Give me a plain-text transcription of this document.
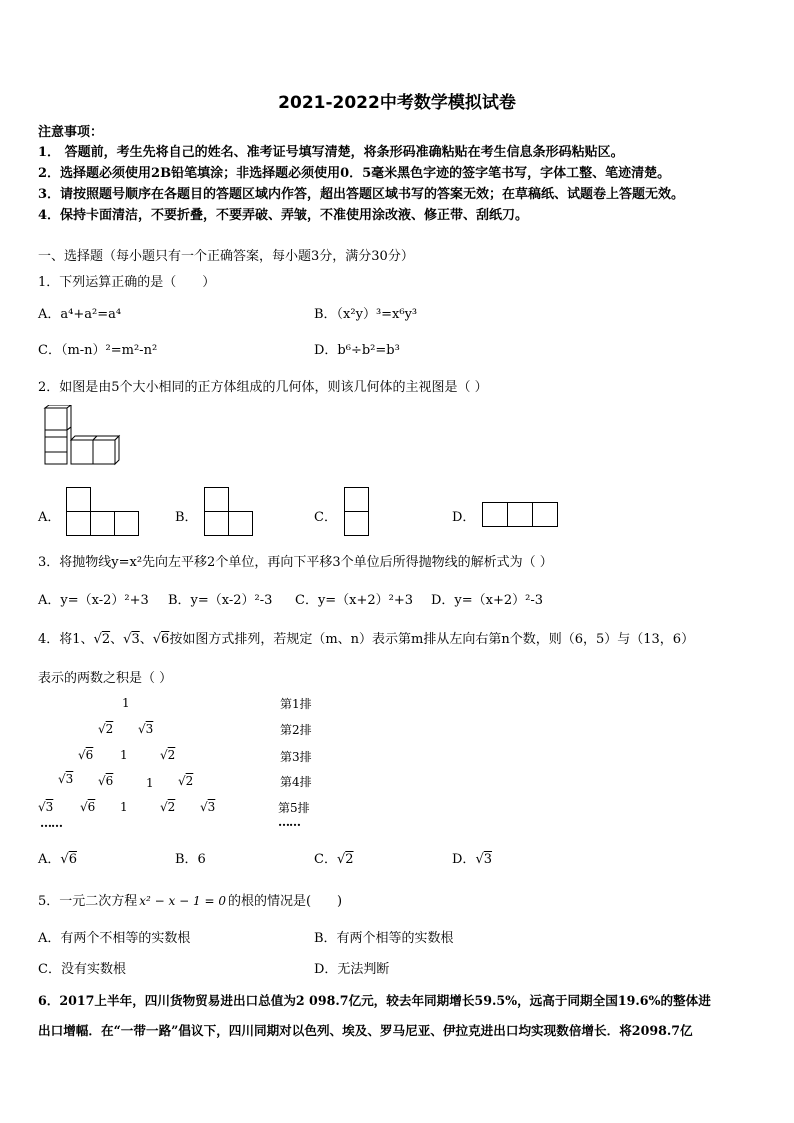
2021-2022中考数学模拟试卷
注意事项：
1． 答题前，考生先将自己的姓名、准考证号填写清楚，将条形码准确粘贴在考生信息条形码粘贴区。
2．选择题必须使用2B铅笔填涂；非选择题必须使用0．5毫米黑色字迹的签字笔书写，字体工整、笔迹清楚。
3．请按照题号顺序在各题目的答题区域内作答，超出答题区域书写的答案无效；在草稿纸、试题卷上答题无效。
4．保持卡面清洁，不要折叠，不要弄破、弄皱，不准使用涂改液、修正带、刮纸刀。
一、选择题（每小题只有一个正确答案，每小题3分，满分30分）
1．下列运算正确的是（　　）
A．a⁴+a²=a⁴	B．（x²y）³=x⁶y³
C．（m-n）²=m²-n²	D．b⁶÷b²=b³
2．如图是由5个大小相同的正方体组成的几何体，则该几何体的主视图是（ ）
A．	B．	C．	D．
3．将抛物线y=x²先向左平移2个单位，再向下平移3个单位后所得抛物线的解析式为（ ）
A．y=（x-2）²+3 B．y=（x-2）²-3 C．y=（x+2）²+3 D．y=（x+2）²-3
4．将1、√2、√3、√6按如图方式排列，若规定（m、n）表示第m排从左向右第n个数，则（6，5）与（13，6）
表示的两数之积是（ ）
1
√2 √3
√6 1	√2
√3 √6	1 √2
√3 √6 1	√2 √3
……
第1排
第2排
第3排
第4排
第5排
……
A．√6	B．6	C．√2	D．√3
5．一元二次方程 x² − x − 1 = 0 的根的情况是(　　)
A．有两个不相等的实数根	B．有两个相等的实数根
C．没有实数根	D．无法判断
6．2017上半年，四川货物贸易进出口总值为2 098.7亿元，较去年同期增长59.5%，远高于同期全国19.6%的整体进
出口增幅．在“一带一路”倡议下，四川同期对以色列、埃及、罗马尼亚、伊拉克进出口均实现数倍增长．将2098.7亿
